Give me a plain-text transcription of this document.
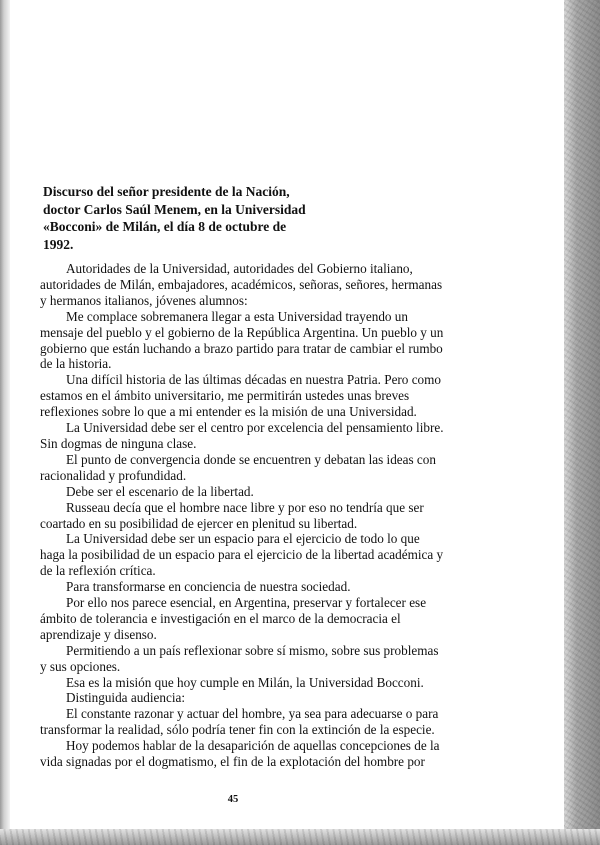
Discurso del señor presidente de la Nación,
doctor Carlos Saúl Menem, en la Universidad
«Bocconi» de Milán, el día 8 de octubre de
1992.

Autoridades de la Universidad, autoridades del Gobierno italiano,
autoridades de Milán, embajadores, académicos, señoras, señores, hermanas
y hermanos italianos, jóvenes alumnos:

Me complace sobremanera llegar a esta Universidad trayendo un
mensaje del pueblo y el gobierno de la República Argentina. Un pueblo y un
gobierno que están luchando a brazo partido para tratar de cambiar el rumbo
de la historia.

Una difícil historia de las últimas décadas en nuestra Patria. Pero como
estamos en el ámbito universitario, me permitirán ustedes unas breves
reflexiones sobre lo que a mi entender es la misión de una Universidad.

La Universidad debe ser el centro por excelencia del pensamiento libre.
Sin dogmas de ninguna clase.

El punto de convergencia donde se encuentren y debatan las ideas con
racionalidad y profundidad.

Debe ser el escenario de la libertad.

Russeau decía que el hombre nace libre y por eso no tendría que ser
coartado en su posibilidad de ejercer en plenitud su libertad.

La Universidad debe ser un espacio para el ejercicio de todo lo que
haga la posibilidad de un espacio para el ejercicio de la libertad académica y
de la reflexión crítica.

Para transformarse en conciencia de nuestra sociedad.

Por ello nos parece esencial, en Argentina, preservar y fortalecer ese
ámbito de tolerancia e investigación en el marco de la democracia el
aprendizaje y disenso.

Permitiendo a un país reflexionar sobre sí mismo, sobre sus problemas
y sus opciones.

Esa es la misión que hoy cumple en Milán, la Universidad Bocconi.

Distinguida audiencia:

El constante razonar y actuar del hombre, ya sea para adecuarse o para
transformar la realidad, sólo podría tener fin con la extinción de la especie.

Hoy podemos hablar de la desaparición de aquellas concepciones de la
vida signadas por el dogmatismo, el fin de la explotación del hombre por

45
